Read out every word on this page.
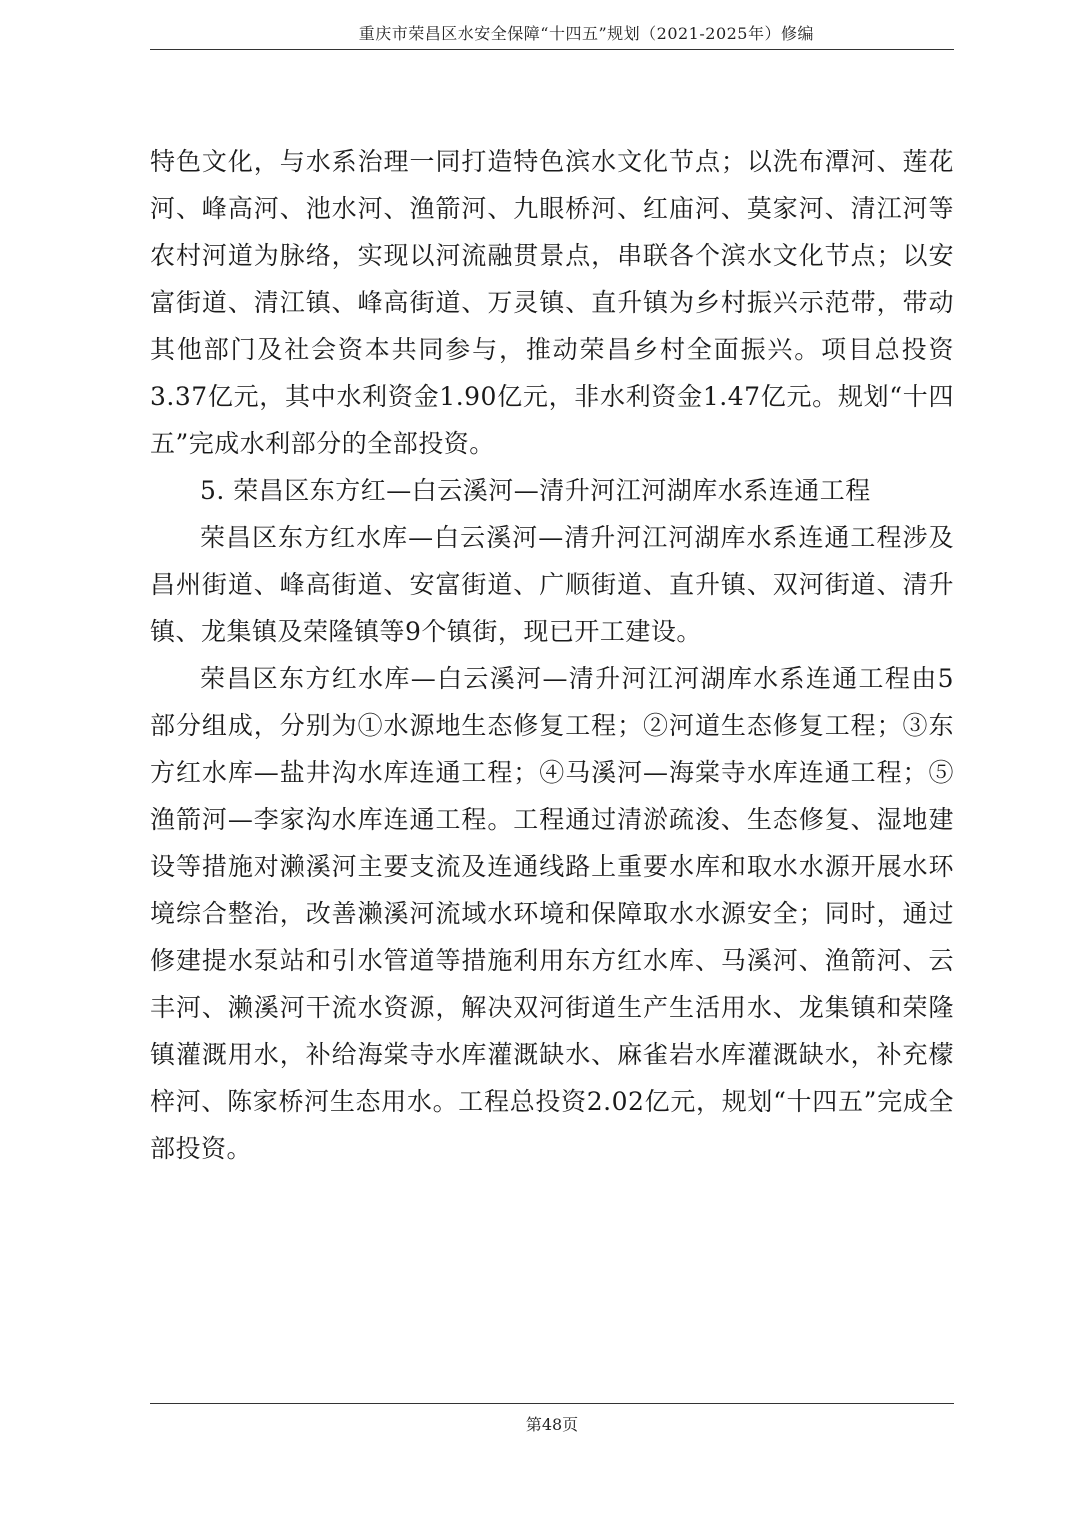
重庆市荣昌区水安全保障“十四五”规划（2021-2025年）修编

特色文化，与水系治理一同打造特色滨水文化节点；以洗布潭河、莲花河、峰高河、池水河、渔箭河、九眼桥河、红庙河、莫家河、清江河等农村河道为脉络，实现以河流融贯景点，串联各个滨水文化节点；以安富街道、清江镇、峰高街道、万灵镇、直升镇为乡村振兴示范带，带动其他部门及社会资本共同参与，推动荣昌乡村全面振兴。项目总投资3.37亿元，其中水利资金1.90亿元，非水利资金1.47亿元。规划“十四五”完成水利部分的全部投资。

5. 荣昌区东方红—白云溪河—清升河江河湖库水系连通工程

荣昌区东方红水库—白云溪河—清升河江河湖库水系连通工程涉及昌州街道、峰高街道、安富街道、广顺街道、直升镇、双河街道、清升镇、龙集镇及荣隆镇等9个镇街，现已开工建设。

荣昌区东方红水库—白云溪河—清升河江河湖库水系连通工程由5部分组成，分别为①水源地生态修复工程；②河道生态修复工程；③东方红水库—盐井沟水库连通工程；④马溪河—海棠寺水库连通工程；⑤渔箭河—李家沟水库连通工程。工程通过清淤疏浚、生态修复、湿地建设等措施对濑溪河主要支流及连通线路上重要水库和取水水源开展水环境综合整治，改善濑溪河流域水环境和保障取水水源安全；同时，通过修建提水泵站和引水管道等措施利用东方红水库、马溪河、渔箭河、云丰河、濑溪河干流水资源，解决双河街道生产生活用水、龙集镇和荣隆镇灌溉用水，补给海棠寺水库灌溉缺水、麻雀岩水库灌溉缺水，补充檬梓河、陈家桥河生态用水。工程总投资2.02亿元，规划“十四五”完成全部投资。

第48页
